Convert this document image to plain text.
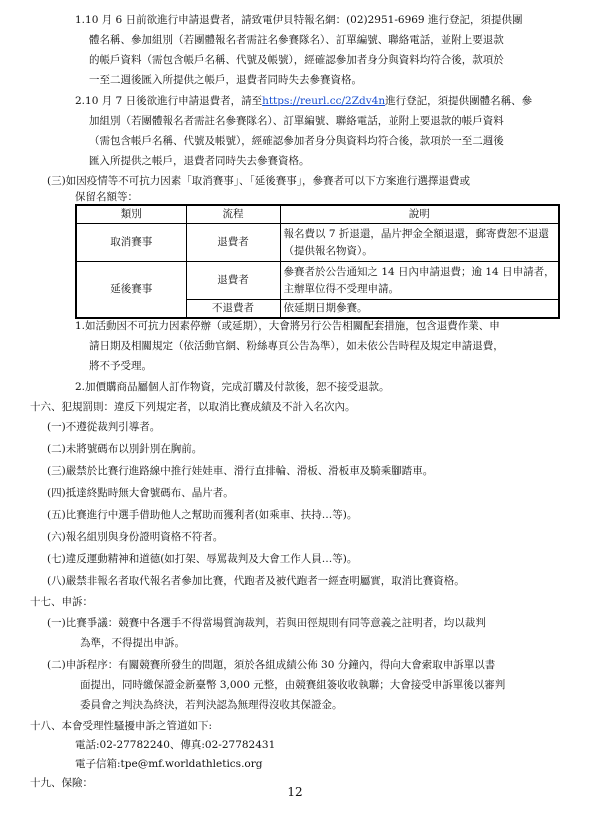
1.10 月 6 日前欲進行申請退費者，請致電伊貝特報名網：(02)2951-6969 進行登記，須提供團
體名稱、參加組別（若團體報名者需註名參賽隊名）、訂單編號、聯絡電話，並附上要退款
的帳戶資料（需包含帳戶名稱、代號及帳號），經確認參加者身分與資料均符合後，款項於
一至二週後匯入所提供之帳戶，退費者同時失去參賽資格。
2.10 月 7 日後欲進行申請退費者，請至https://reurl.cc/2Zdv4n進行登記，須提供團體名稱、參
加組別（若團體報名者需註名參賽隊名）、訂單編號、聯絡電話，並附上要退款的帳戶資料
（需包含帳戶名稱、代號及帳號），經確認參加者身分與資料均符合後，款項於一至二週後
匯入所提供之帳戶，退費者同時失去參賽資格。
(三)如因疫情等不可抗力因素「取消賽事」、「延後賽事」，參賽者可以下方案進行選擇退費或
保留名額等：
類別	流程	說明
取消賽事	退費者	報名費以 7 折退還，晶片押金全額退還，郵寄費恕不退還（提供報名物資）。
延後賽事	退費者	參賽者於公告通知之 14 日內申請退費；逾 14 日申請者，主辦單位得不受理申請。
	不退費者	依延期日期參賽。
1.如活動因不可抗力因素停辦（或延期），大會將另行公告相關配套措施，包含退費作業、申
請日期及相關規定（依活動官網、粉絲專頁公告為準），如未依公告時程及規定申請退費，
將不予受理。
2.加價購商品屬個人訂作物資，完成訂購及付款後，恕不接受退款。
十六、犯規罰則：違反下列規定者，以取消比賽成績及不計入名次內。
(一)不遵從裁判引導者。
(二)未將號碼布以別針別在胸前。
(三)嚴禁於比賽行進路線中推行娃娃車、滑行直排輪、滑板、滑板車及騎乘腳踏車。
(四)抵達終點時無大會號碼布、晶片者。
(五)比賽進行中選手借助他人之幫助而獲利者(如乘車、扶持…等)。
(六)報名組別與身份證明資格不符者。
(七)違反運動精神和道德(如打架、辱罵裁判及大會工作人員…等)。
(八)嚴禁非報名者取代報名者參加比賽，代跑者及被代跑者一經查明屬實，取消比賽資格。
十七、申訴：
(一)比賽爭議：競賽中各選手不得當場質詢裁判，若與田徑規則有同等意義之註明者，均以裁判
為準，不得提出申訴。
(二)申訴程序：有關競賽所發生的問題，須於各組成績公佈 30 分鐘內，得向大會索取申訴單以書
面提出，同時繳保證金新臺幣 3,000 元整，由競賽組簽收收執聯；大會接受申訴單後以審判
委員會之判決為終決，若判決認為無理得沒收其保證金。
十八、本會受理性騷擾申訴之管道如下:
電話:02-27782240、傳真:02-27782431
電子信箱:tpe@mf.worldathletics.org
十九、保險：
12
